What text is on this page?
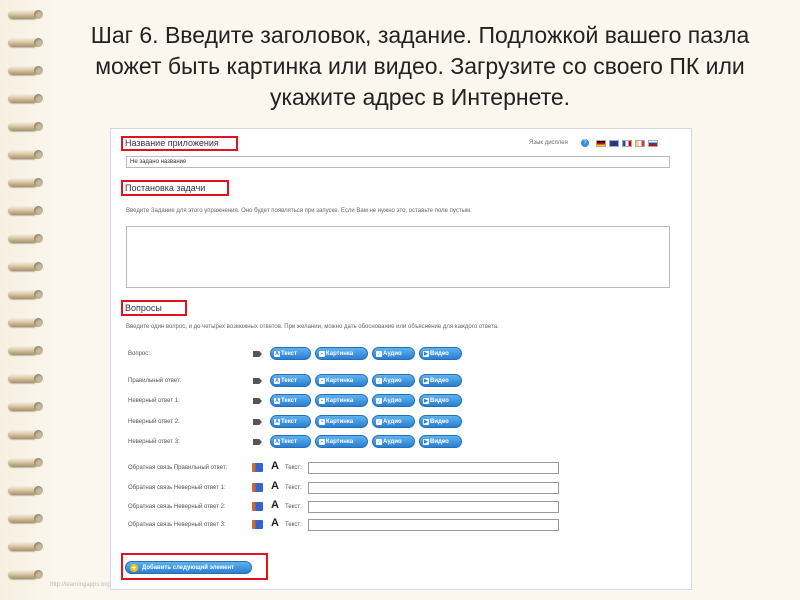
Шаг 6. Введите заголовок, задание. Подложкой вашего пазла может быть картинка или видео. Загрузите со своего ПК или укажите адрес в Интернете.
Название приложения	Язык дисплея	?
Не задано название
Постановка задачи
Введите Задание для этого упражнения. Оно будет появляться при запуске. Если Вам не нужно это, оставьте поле пустым.
Вопросы
Введите один вопрос, и до четырех возможных ответов. При желании, можно дать обоснование или объяснение для каждого ответа.
Вопрос:	A Текст	▪ Картинка	♪ Аудио	▶ Видео
Правильный ответ:	A Текст	▪ Картинка	♪ Аудио	▶ Видео
Неверный ответ 1:	A Текст	▪ Картинка	♪ Аудио	▶ Видео
Неверный ответ 2:	A Текст	▪ Картинка	♪ Аудио	▶ Видео
Неверный ответ 3:	A Текст	▪ Картинка	♪ Аудио	▶ Видео
Обратная связь Правильный ответ:	A Текст:
Обратная связь Неверный ответ 1:	A Текст:
Обратная связь Неверный ответ 2:	A Текст:
Обратная связь Неверный ответ 3:	A Текст:
+ Добавить следующий элемент
http://learningapps.org
